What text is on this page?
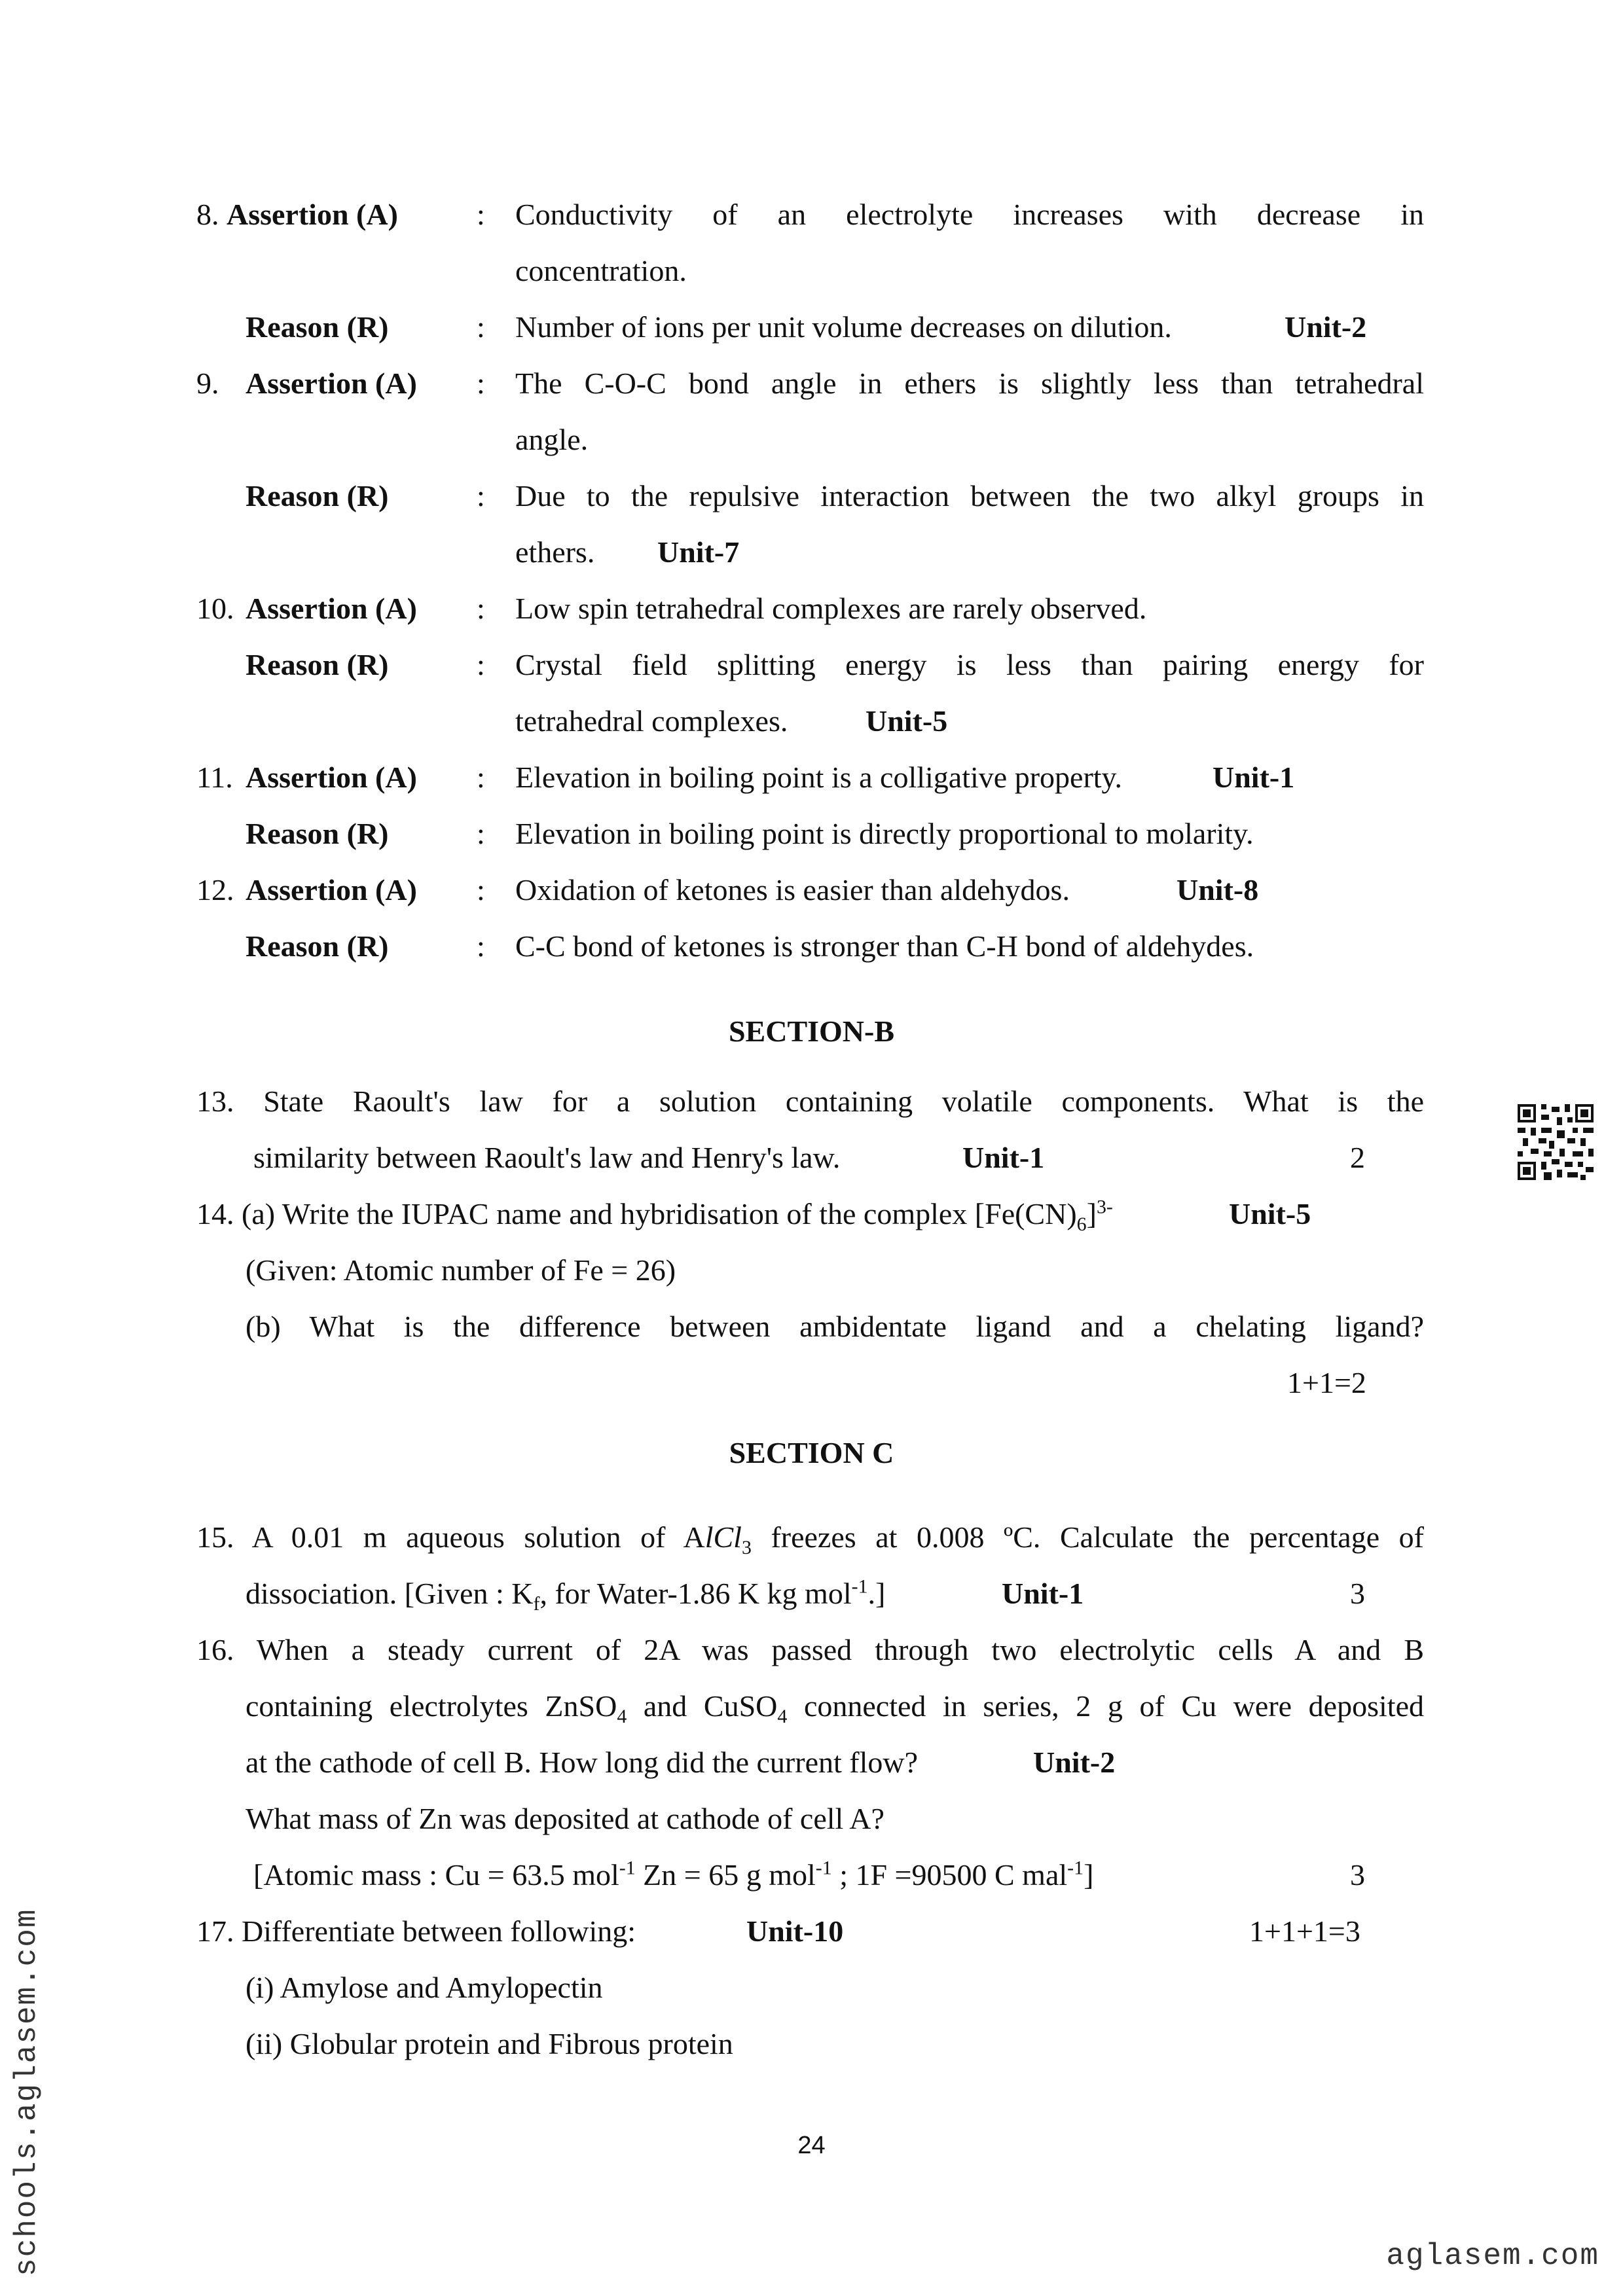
8. Assertion (A)	: Conductivity of an electrolyte increases with decrease in
concentration.
Reason (R)	: Number of ions per unit volume decreases on dilution.	Unit-2
9. Assertion (A) : The C-O-C bond angle in ethers is slightly less than tetrahedral
angle.
Reason (R)	: Due to the repulsive interaction between the two alkyl groups in
ethers. Unit-7
10. Assertion (A) : Low spin tetrahedral complexes are rarely observed.
Reason (R)	: Crystal field splitting energy is less than pairing energy for
tetrahedral complexes.	Unit-5
11. Assertion (A) : Elevation in boiling point is a colligative property.	Unit-1
Reason (R)	: Elevation in boiling point is directly proportional to molarity.
12. Assertion (A) : Oxidation of ketones is easier than aldehydos.	Unit-8
Reason (R)	: C-C bond of ketones is stronger than C-H bond of aldehydes.
SECTION-B
13. State Raoult's law for a solution containing volatile components. What is the
similarity between Raoult's law and Henry's law.	Unit-1	2
14. (a) Write the IUPAC name and hybridisation of the complex $[Fe(CN)_6]^{3-}$	Unit-5
(Given: Atomic number of Fe = 26)
(b) What is the difference between ambidentate ligand and a chelating ligand?
1+1=2
SECTION C
15. A 0.01 m aqueous solution of AlCl$_3$ freezes at 0.008 ºC. Calculate the percentage of
dissociation. [Given : $K_f$, for Water-1.86 K kg mol$^{-1}$.]	Unit-1	3
16. When a steady current of 2A was passed through two electrolytic cells A and B
containing electrolytes ZnSO$_4$ and CuSO$_4$ connected in series, 2 g of Cu were deposited
at the cathode of cell B. How long did the current flow?	Unit-2
What mass of Zn was deposited at cathode of cell A?
[Atomic mass : Cu = 63.5 mol$^{-1}$ Zn = 65 g mol$^{-1}$ ; 1F =90500 C mal$^{-1}$]	3
17. Differentiate between following:	Unit-10	1+1+1=3
(i) Amylose and Amylopectin
(ii) Globular protein and Fibrous protein
24
schools.aglasem.com	aglasem.com
